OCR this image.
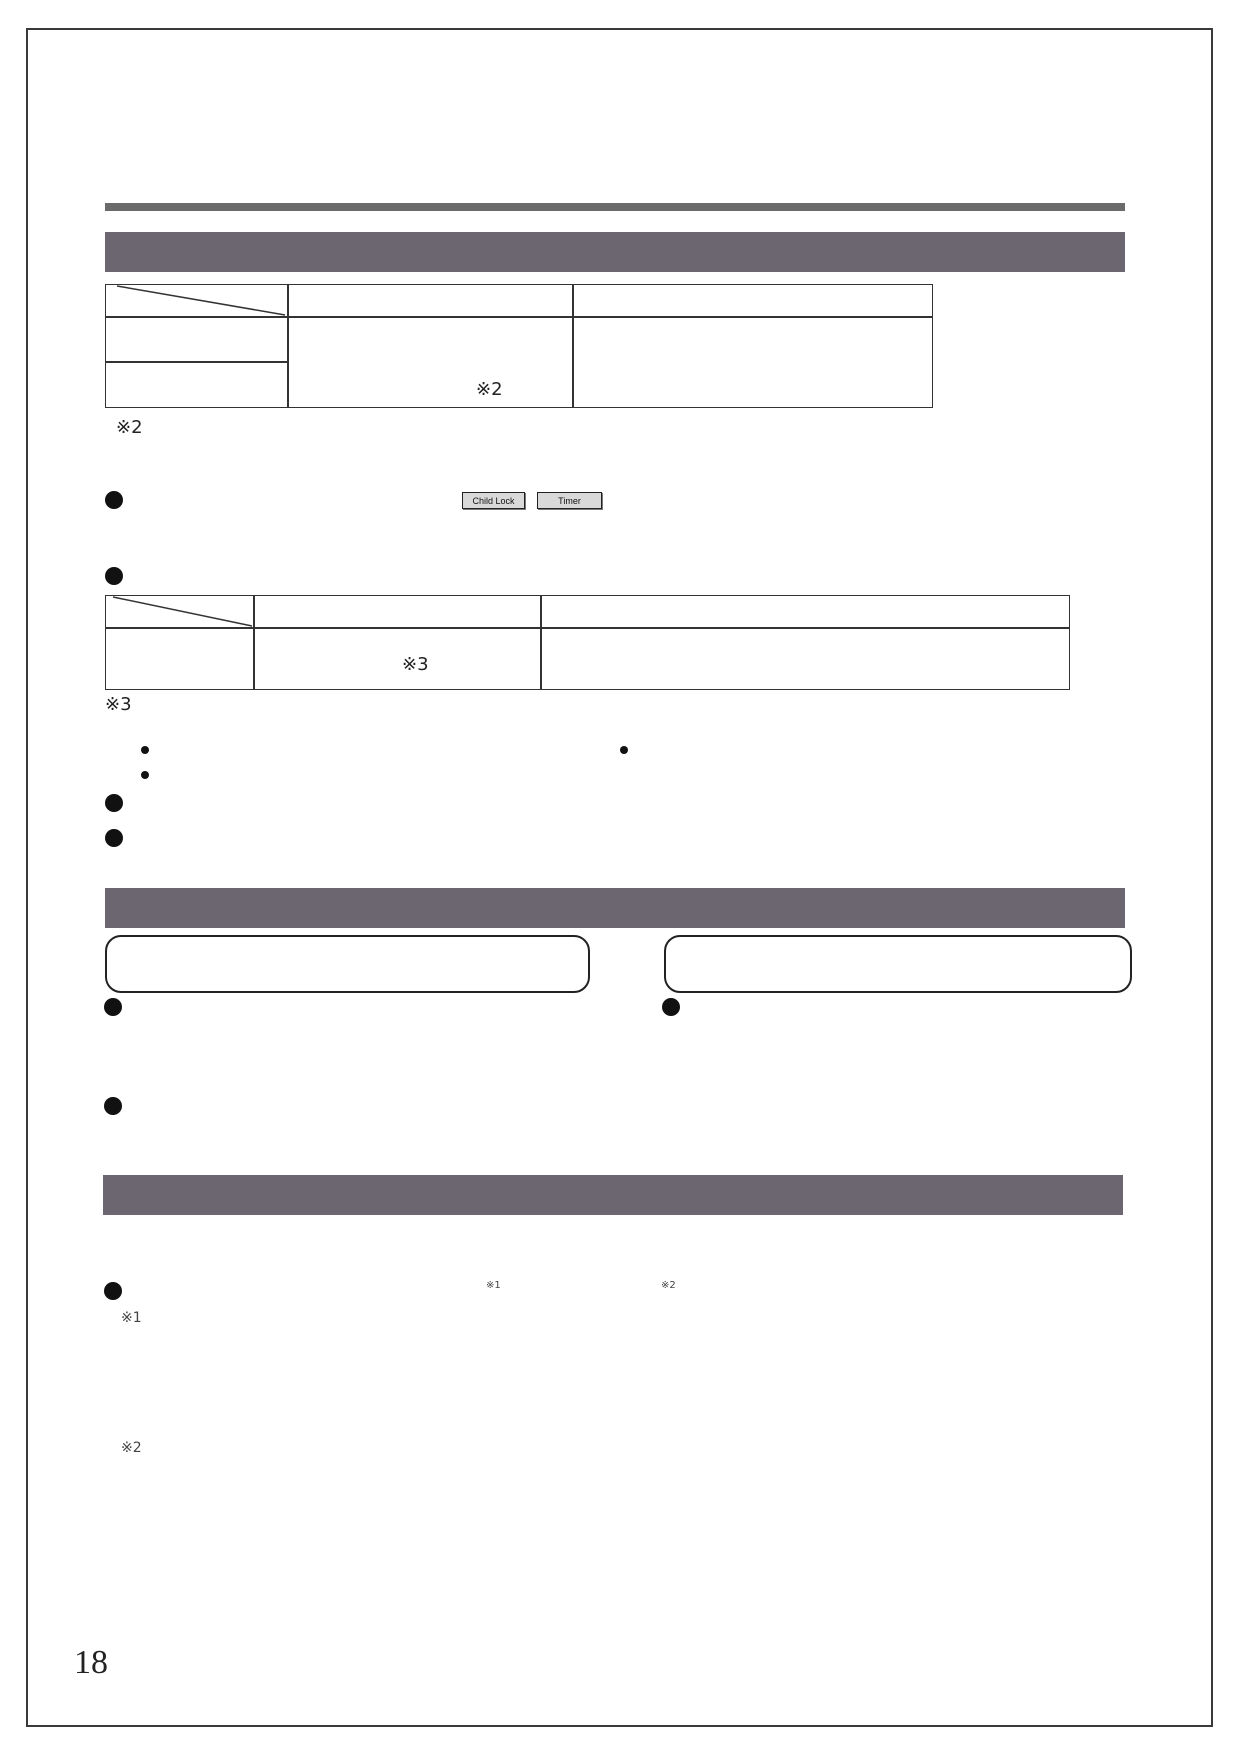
※2
※2
Child Lock	Timer
※3
※3
※1	※2
※1
※2
18
